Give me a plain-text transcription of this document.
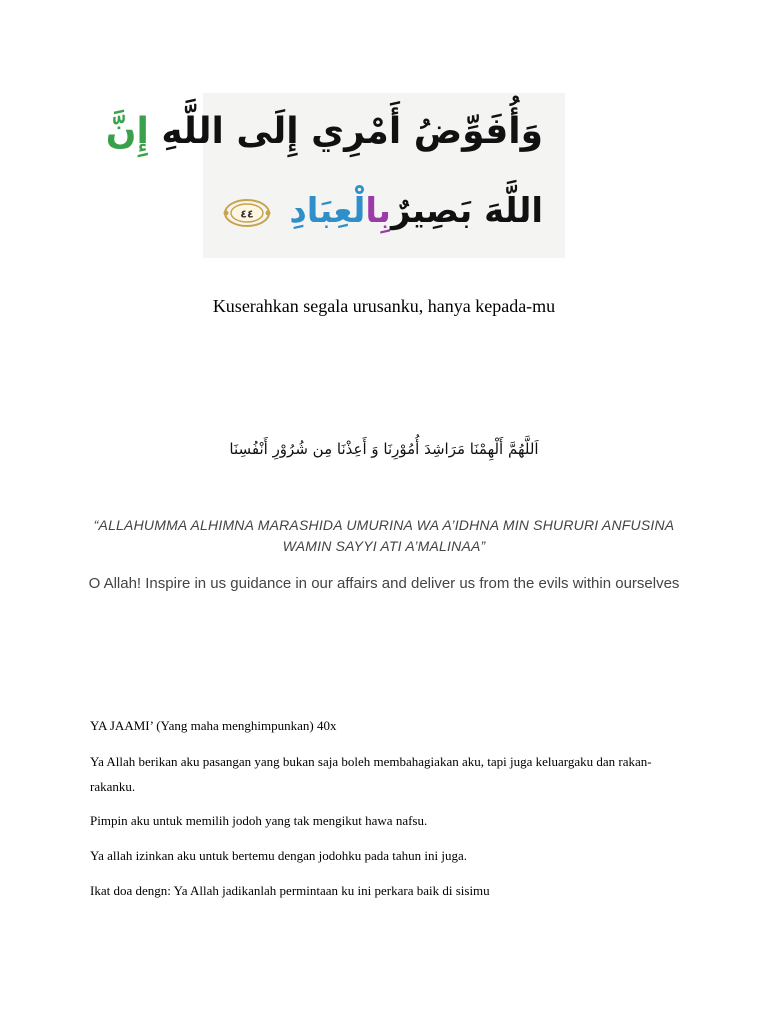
وَأُفَوِّضُ أَمْرِي إِلَى اللَّهِ إِنَّ
اللَّهَ بَصِيرٌبِالْعِبَادِ
٤٤
Kuserahkan segala urusanku, hanya kepada-mu
اَللَّهُمَّ أَلْهِمْنَا مَرَاشِدَ أُمُوْرِنَا وَ أَعِذْنَا مِن شُرُوْرِ أَنْفُسِنَا
“ALLAHUMMA ALHIMNA MARASHIDA UMURINA WA A’IDHNA MIN SHURURI ANFUSINA WAMIN SAYYI ATI A’MALINAA”
O Allah! Inspire in us guidance in our affairs and deliver us from the evils within ourselves
YA JAAMI’ (Yang maha menghimpunkan) 40x
Ya Allah berikan aku pasangan yang bukan saja boleh membahagiakan aku, tapi juga keluargaku dan rakan-rakanku.
Pimpin aku untuk memilih jodoh yang tak mengikut hawa nafsu.
Ya allah izinkan aku untuk bertemu dengan jodohku pada tahun ini juga.
Ikat doa dengn: Ya Allah jadikanlah permintaan ku ini perkara baik di sisimu
